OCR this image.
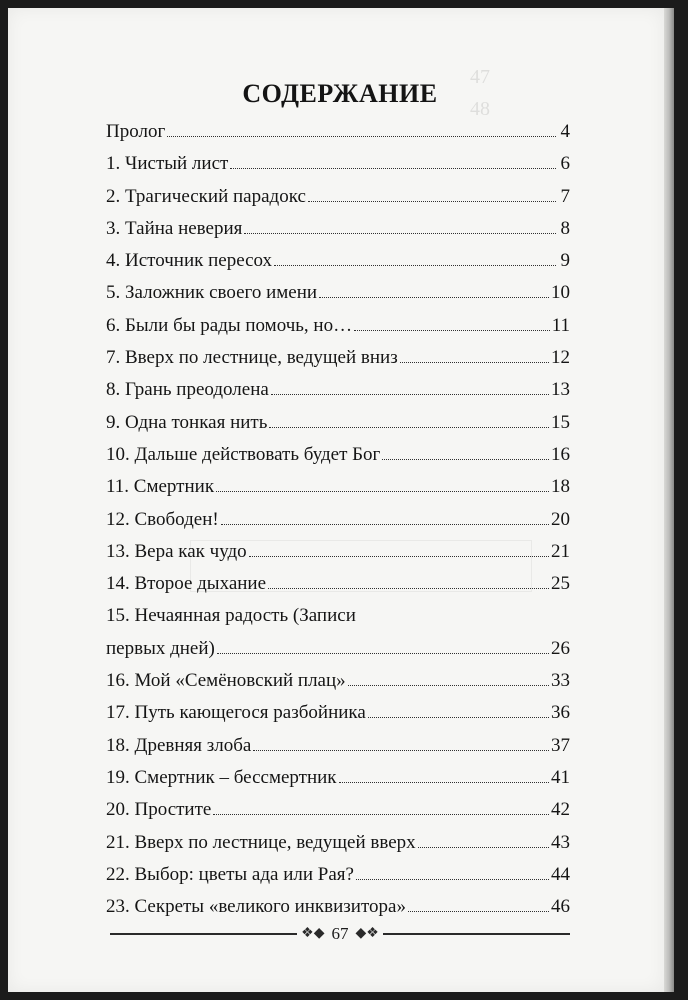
47
48
СОДЕРЖАНИЕ
Пролог	4
1. Чистый лист	6
2. Трагический парадокс	7
3. Тайна неверия	8
4. Источник пересох	9
5. Заложник своего имени	10
6. Были бы рады помочь, но…	11
7. Вверх по лестнице, ведущей вниз	12
8. Грань преодолена	13
9. Одна тонкая нить	15
10. Дальше действовать будет Бог	16
11. Смертник	18
12. Свободен!	20
13. Вера как чудо	21
14. Второе дыхание	25
15. Нечаянная радость (Записи
первых дней)	26
16. Мой «Семёновский плац»	33
17. Путь кающегося разбойника	36
18. Древняя злоба	37
19. Смертник – бессмертник	41
20. Простите	42
21. Вверх по лестнице, ведущей вверх	43
22. Выбор: цветы ада или Рая?	44
23. Секреты «великого инквизитора»	46
❖◆ 67 ◆❖
